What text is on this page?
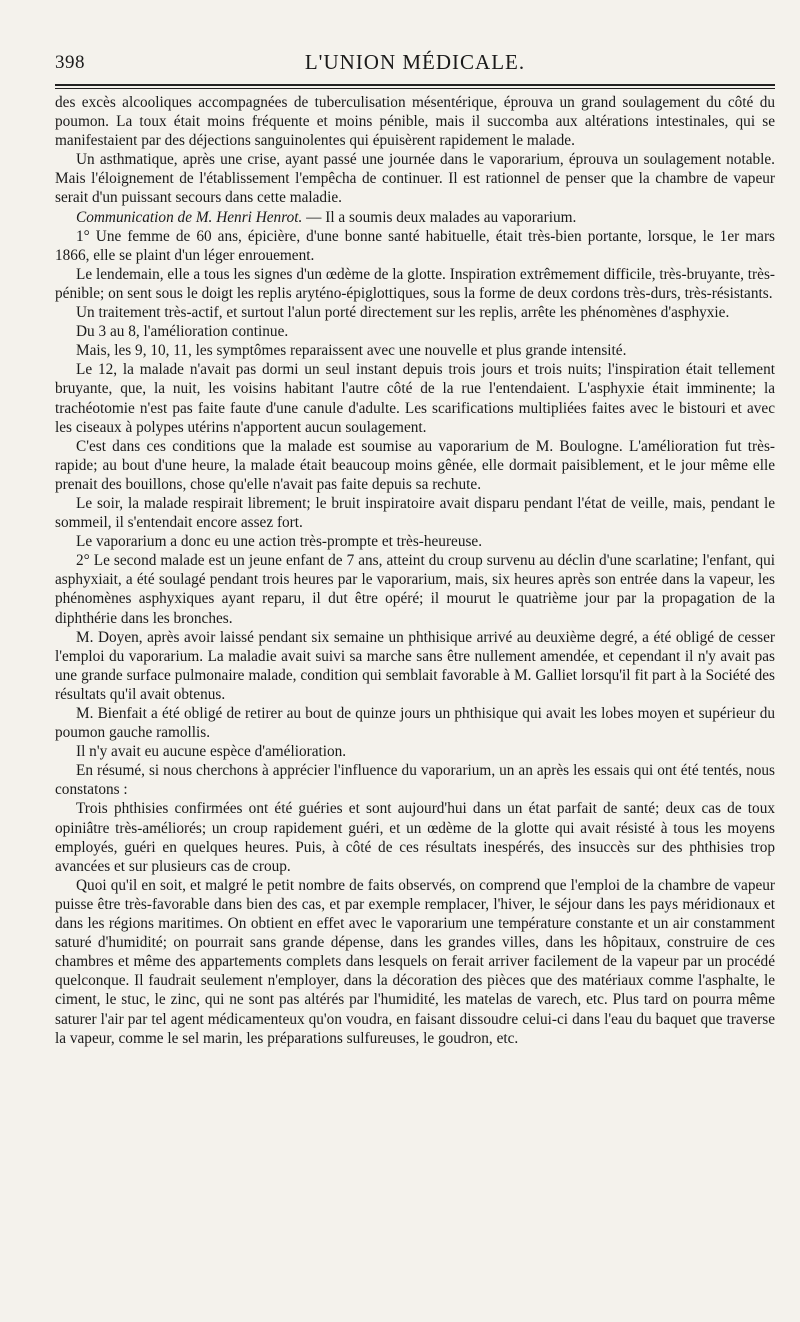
398	L'UNION MÉDICALE.

des excès alcooliques accompagnées de tuberculisation mésentérique, éprouva un grand soulagement du côté du poumon. La toux était moins fréquente et moins pénible, mais il succomba aux altérations intestinales, qui se manifestaient par des déjections sanguinolentes qui épuisèrent rapidement le malade.

Un asthmatique, après une crise, ayant passé une journée dans le vaporarium, éprouva un soulagement notable. Mais l'éloignement de l'établissement l'empêcha de continuer. Il est rationnel de penser que la chambre de vapeur serait d'un puissant secours dans cette maladie.

Communication de M. Henri Henrot. — Il a soumis deux malades au vaporarium.

1° Une femme de 60 ans, épicière, d'une bonne santé habituelle, était très-bien portante, lorsque, le 1er mars 1866, elle se plaint d'un léger enrouement.

Le lendemain, elle a tous les signes d'un œdème de la glotte. Inspiration extrêmement difficile, très-bruyante, très-pénible; on sent sous le doigt les replis aryténo-épiglottiques, sous la forme de deux cordons très-durs, très-résistants.

Un traitement très-actif, et surtout l'alun porté directement sur les replis, arrête les phénomènes d'asphyxie.

Du 3 au 8, l'amélioration continue.

Mais, les 9, 10, 11, les symptômes reparaissent avec une nouvelle et plus grande intensité.

Le 12, la malade n'avait pas dormi un seul instant depuis trois jours et trois nuits; l'inspiration était tellement bruyante, que, la nuit, les voisins habitant l'autre côté de la rue l'entendaient. L'asphyxie était imminente; la trachéotomie n'est pas faite faute d'une canule d'adulte. Les scarifications multipliées faites avec le bistouri et avec les ciseaux à polypes utérins n'apportent aucun soulagement.

C'est dans ces conditions que la malade est soumise au vaporarium de M. Boulogne. L'amélioration fut très-rapide; au bout d'une heure, la malade était beaucoup moins gênée, elle dormait paisiblement, et le jour même elle prenait des bouillons, chose qu'elle n'avait pas faite depuis sa rechute.

Le soir, la malade respirait librement; le bruit inspiratoire avait disparu pendant l'état de veille, mais, pendant le sommeil, il s'entendait encore assez fort.

Le vaporarium a donc eu une action très-prompte et très-heureuse.

2° Le second malade est un jeune enfant de 7 ans, atteint du croup survenu au déclin d'une scarlatine; l'enfant, qui asphyxiait, a été soulagé pendant trois heures par le vaporarium, mais, six heures après son entrée dans la vapeur, les phénomènes asphyxiques ayant reparu, il dut être opéré; il mourut le quatrième jour par la propagation de la diphthérie dans les bronches.

M. Doyen, après avoir laissé pendant six semaine un phthisique arrivé au deuxième degré, a été obligé de cesser l'emploi du vaporarium. La maladie avait suivi sa marche sans être nullement amendée, et cependant il n'y avait pas une grande surface pulmonaire malade, condition qui semblait favorable à M. Galliet lorsqu'il fit part à la Société des résultats qu'il avait obtenus.

M. Bienfait a été obligé de retirer au bout de quinze jours un phthisique qui avait les lobes moyen et supérieur du poumon gauche ramollis.

Il n'y avait eu aucune espèce d'amélioration.

En résumé, si nous cherchons à apprécier l'influence du vaporarium, un an après les essais qui ont été tentés, nous constatons :

Trois phthisies confirmées ont été guéries et sont aujourd'hui dans un état parfait de santé; deux cas de toux opiniâtre très-améliorés; un croup rapidement guéri, et un œdème de la glotte qui avait résisté à tous les moyens employés, guéri en quelques heures. Puis, à côté de ces résultats inespérés, des insuccès sur des phthisies trop avancées et sur plusieurs cas de croup.

Quoi qu'il en soit, et malgré le petit nombre de faits observés, on comprend que l'emploi de la chambre de vapeur puisse être très-favorable dans bien des cas, et par exemple remplacer, l'hiver, le séjour dans les pays méridionaux et dans les régions maritimes. On obtient en effet avec le vaporarium une température constante et un air constamment saturé d'humidité; on pourrait sans grande dépense, dans les grandes villes, dans les hôpitaux, construire de ces chambres et même des appartements complets dans lesquels on ferait arriver facilement de la vapeur par un procédé quelconque. Il faudrait seulement n'employer, dans la décoration des pièces que des matériaux comme l'asphalte, le ciment, le stuc, le zinc, qui ne sont pas altérés par l'humidité, les matelas de varech, etc. Plus tard on pourra même saturer l'air par tel agent médicamenteux qu'on voudra, en faisant dissoudre celui-ci dans l'eau du baquet que traverse la vapeur, comme le sel marin, les préparations sulfureuses, le goudron, etc.
